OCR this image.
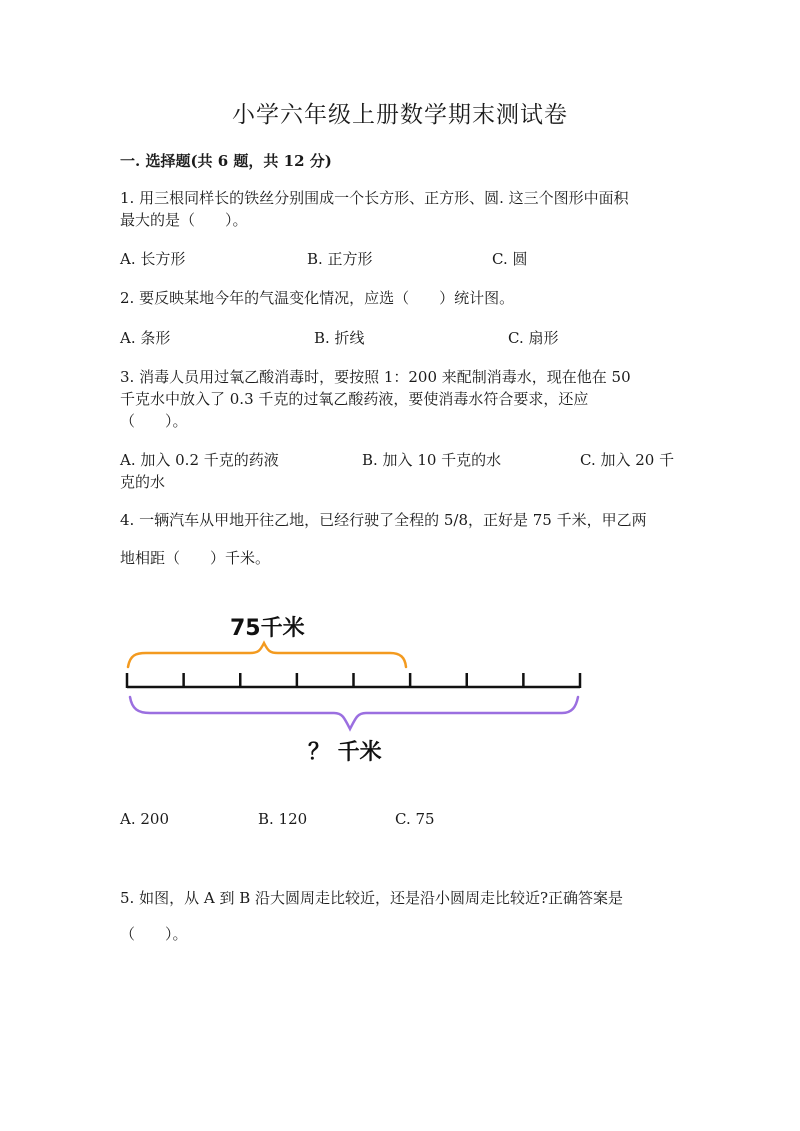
小学六年级上册数学期末测试卷
一. 选择题(共 6 题，共 12 分)
1. 用三根同样长的铁丝分别围成一个长方形、正方形、圆. 这三个图形中面积
最大的是（　　）。
A. 长方形	B. 正方形	C. 圆
2. 要反映某地今年的气温变化情况，应选（　　）统计图。
A. 条形	B. 折线	C. 扇形
3. 消毒人员用过氧乙酸消毒时，要按照 1：200 来配制消毒水，现在他在 50
千克水中放入了 0.3 千克的过氧乙酸药液，要使消毒水符合要求，还应
（　　）。
A. 加入 0.2 千克的药液	B. 加入 10 千克的水	C. 加入 20 千
克的水
4. 一辆汽车从甲地开往乙地，已经行驶了全程的 5/8，正好是 75 千米，甲乙两
地相距（　　）千米。
75千米
？ 千米
A. 200	B. 120	C. 75
5. 如图，从 A 到 B 沿大圆周走比较近，还是沿小圆周走比较近?正确答案是
（　　）。
